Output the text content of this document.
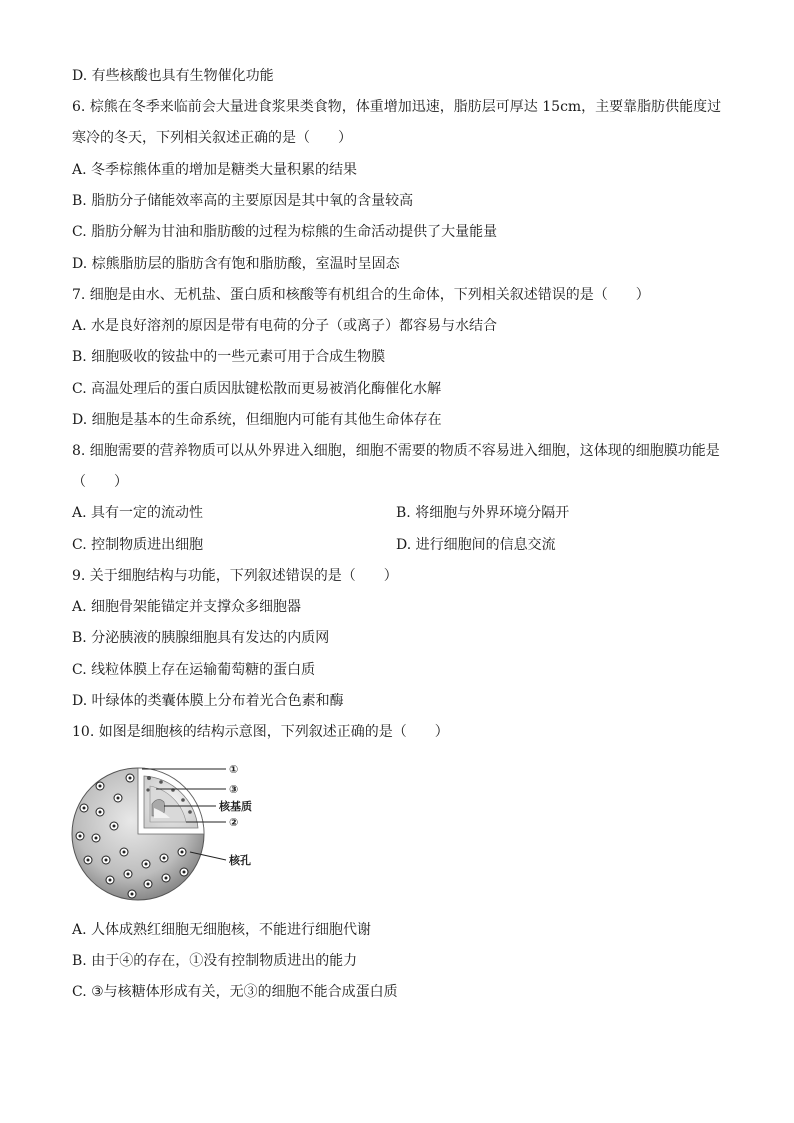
D. 有些核酸也具有生物催化功能
6. 棕熊在冬季来临前会大量进食浆果类食物，体重增加迅速，脂肪层可厚达 15cm，主要靠脂肪供能度过寒冷的冬天，下列相关叙述正确的是（　　）
A. 冬季棕熊体重的增加是糖类大量积累的结果
B. 脂肪分子储能效率高的主要原因是其中氧的含量较高
C. 脂肪分解为甘油和脂肪酸的过程为棕熊的生命活动提供了大量能量
D. 棕熊脂肪层的脂肪含有饱和脂肪酸，室温时呈固态
7. 细胞是由水、无机盐、蛋白质和核酸等有机组合的生命体，下列相关叙述错误的是（　　）
A. 水是良好溶剂的原因是带有电荷的分子（或离子）都容易与水结合
B. 细胞吸收的铵盐中的一些元素可用于合成生物膜
C. 高温处理后的蛋白质因肽键松散而更易被消化酶催化水解
D. 细胞是基本的生命系统，但细胞内可能有其他生命体存在
8. 细胞需要的营养物质可以从外界进入细胞，细胞不需要的物质不容易进入细胞，这体现的细胞膜功能是（　　）
A. 具有一定的流动性	B. 将细胞与外界环境分隔开
C. 控制物质进出细胞	D. 进行细胞间的信息交流
9. 关于细胞结构与功能，下列叙述错误的是（　　）
A. 细胞骨架能锚定并支撑众多细胞器
B. 分泌胰液的胰腺细胞具有发达的内质网
C. 线粒体膜上存在运输葡萄糖的蛋白质
D. 叶绿体的类囊体膜上分布着光合色素和酶
10. 如图是细胞核的结构示意图，下列叙述正确的是（　　）
①
③
核基质
②
核孔
A. 人体成熟红细胞无细胞核，不能进行细胞代谢
B. 由于④的存在，①没有控制物质进出的能力
C. ③与核糖体形成有关，无③的细胞不能合成蛋白质
